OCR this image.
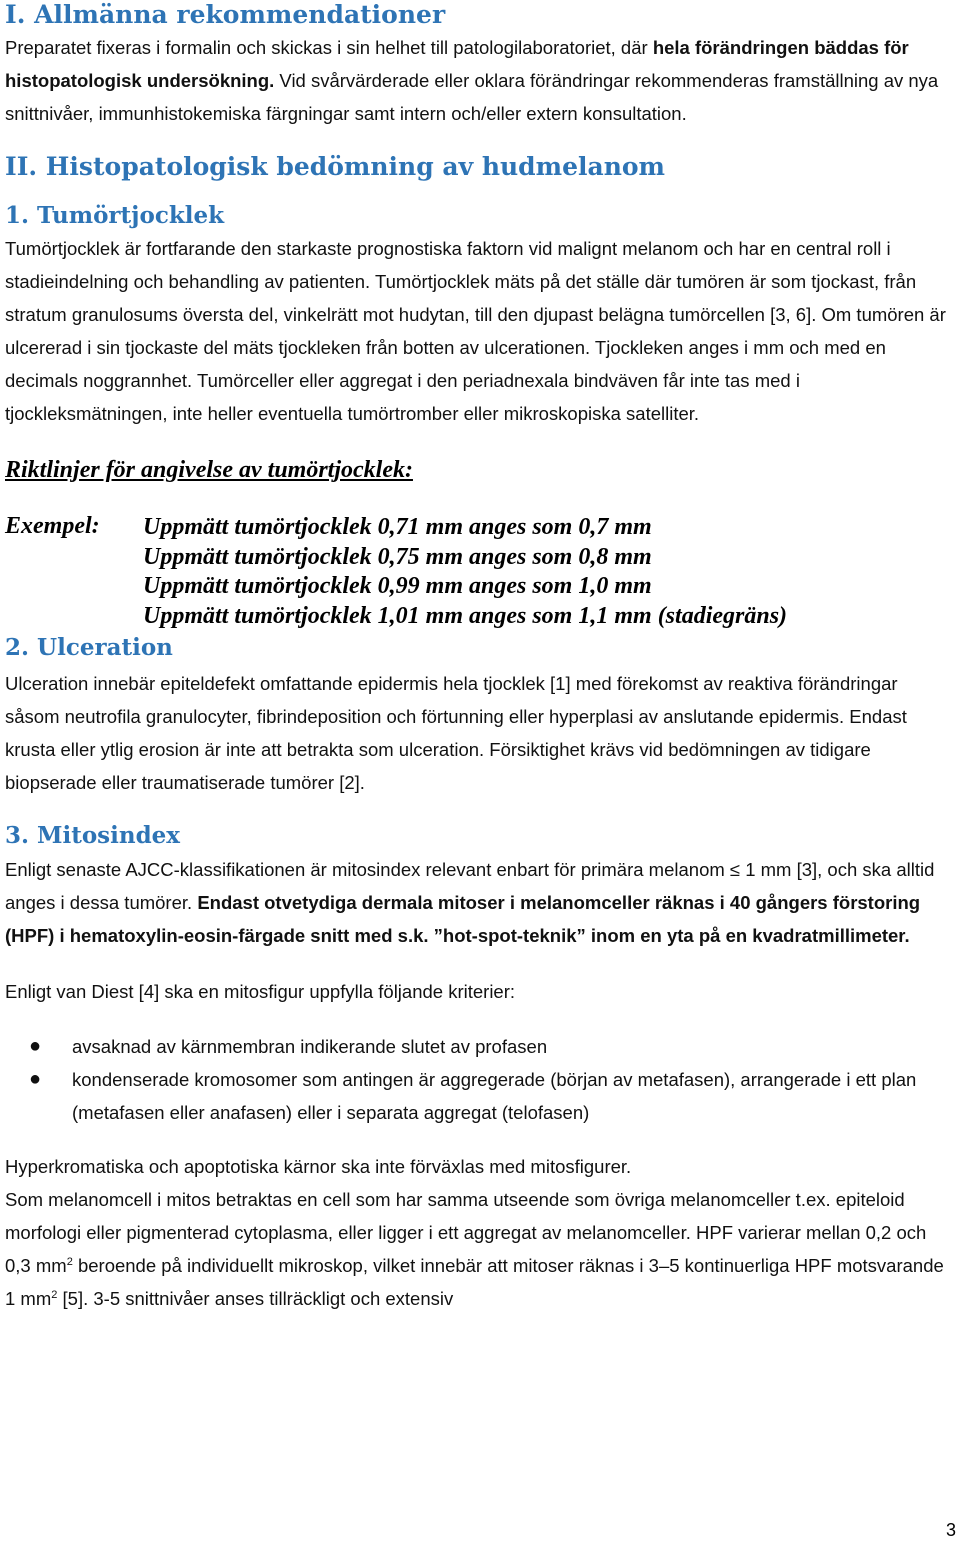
I. Allmänna rekommendationer

Preparatet fixeras i formalin och skickas i sin helhet till patologilaboratoriet, där hela förändringen bäddas för histopatologisk undersökning. Vid svårvärderade eller oklara förändringar rekommenderas framställning av nya snittnivåer, immunhistokemiska färgningar samt intern och/eller extern konsultation.

II. Histopatologisk bedömning av hudmelanom
1. Tumörtjocklek

Tumörtjocklek är fortfarande den starkaste prognostiska faktorn vid malignt melanom och har en central roll i stadieindelning och behandling av patienten. Tumörtjocklek mäts på det ställe där tumören är som tjockast, från stratum granulosums översta del, vinkelrätt mot hudytan, till den djupast belägna tumörcellen [3, 6]. Om tumören är ulcererad i sin tjockaste del mäts tjockleken från botten av ulcerationen. Tjockleken anges i mm och med en decimals noggrannhet. Tumörceller eller aggregat i den periadnexala bindväven får inte tas med i tjockleksmätningen, inte heller eventuella tumörtromber eller mikroskopiska satelliter.

Riktlinjer för angivelse av tumörtjocklek:

Exempel: Uppmätt tumörtjocklek 0,71 mm anges som 0,7 mm
Uppmätt tumörtjocklek 0,75 mm anges som 0,8 mm
Uppmätt tumörtjocklek 0,99 mm anges som 1,0 mm
Uppmätt tumörtjocklek 1,01 mm anges som 1,1 mm (stadiegräns)
2. Ulceration

Ulceration innebär epiteldefekt omfattande epidermis hela tjocklek [1] med förekomst av reaktiva förändringar såsom neutrofila granulocyter, fibrindeposition och förtunning eller hyperplasi av anslutande epidermis. Endast krusta eller ytlig erosion är inte att betrakta som ulceration. Försiktighet krävs vid bedömningen av tidigare biopserade eller traumatiserade tumörer [2].

3. Mitosindex

Enligt senaste AJCC-klassifikationen är mitosindex relevant enbart för primära melanom ≤ 1 mm [3], och ska alltid anges i dessa tumörer. Endast otvetydiga dermala mitoser i melanomceller räknas i 40 gångers förstoring (HPF) i hematoxylin-eosin-färgade snitt med s.k. ”hot-spot-teknik” inom en yta på en kvadratmillimeter.

Enligt van Diest [4] ska en mitosfigur uppfylla följande kriterier:

● avsaknad av kärnmembran indikerande slutet av profasen
● kondenserade kromosomer som antingen är aggregerade (början av metafasen), arrangerade i ett plan (metafasen eller anafasen) eller i separata aggregat (telofasen)

Hyperkromatiska och apoptotiska kärnor ska inte förväxlas med mitosfigurer.

Som melanomcell i mitos betraktas en cell som har samma utseende som övriga melanomceller t.ex. epiteloid morfologi eller pigmenterad cytoplasma, eller ligger i ett aggregat av melanomceller. HPF varierar mellan 0,2 och 0,3 $mm^2$ beroende på individuellt mikroskop, vilket innebär att mitoser räknas i 3–5 kontinuerliga HPF motsvarande 1 $mm^2$ [5]. 3-5 snittnivåer anses tillräckligt och extensiv

3
